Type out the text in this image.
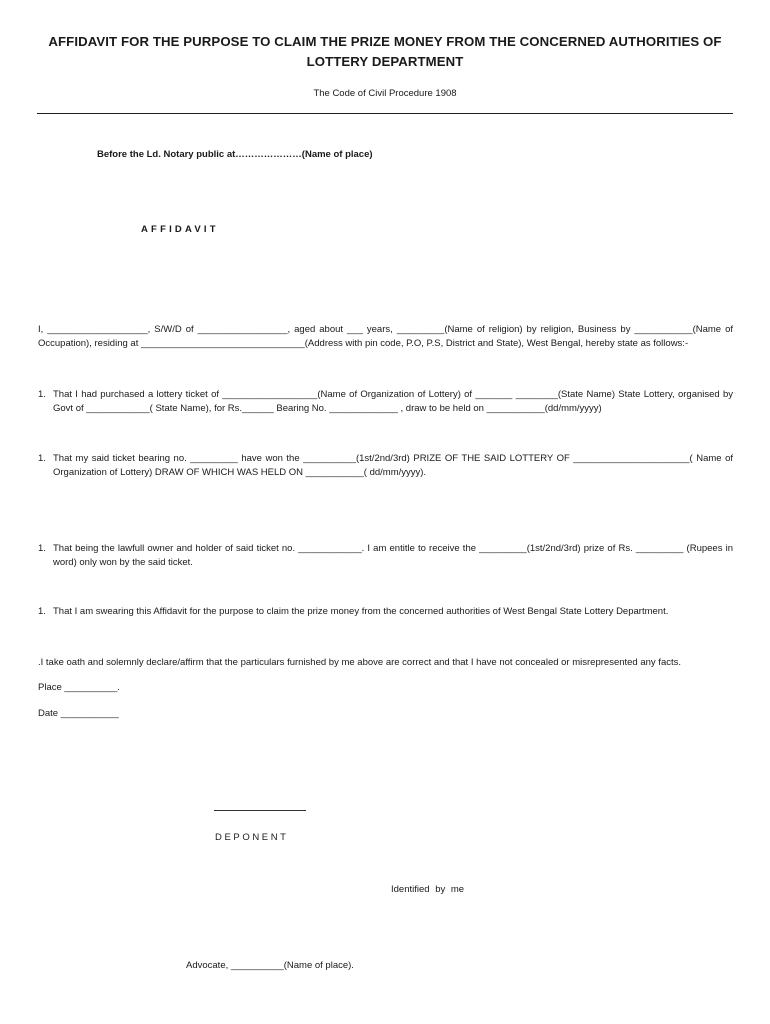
AFFIDAVIT FOR THE PURPOSE TO CLAIM THE PRIZE MONEY FROM THE CONCERNED AUTHORITIES OF
LOTTERY DEPARTMENT
The Code of Civil Procedure 1908
Before the Ld. Notary public at…………………(Name of place)
AFFIDAVIT
I, ___________________, S/W/D of _________________, aged about ___ years, _________(Name of religion) by religion, Business by ___________(Name of Occupation), residing at _______________________________(Address with pin code, P.O, P.S, District and State), West Bengal, hereby state as follows:-
1. That I had purchased a lottery ticket of __________________(Name of Organization of Lottery) of _______ ________(State Name) State Lottery, organised by Govt of ____________( State Name), for Rs.______ Bearing No. _____________ , draw to be held on ___________(dd/mm/yyyy)
1. That my said ticket bearing no. _________ have won the __________(1st/2nd/3rd) PRIZE OF THE SAID LOTTERY OF ______________________( Name of Organization of Lottery) DRAW OF WHICH WAS HELD ON ___________( dd/mm/yyyy).
1. That being the lawfull owner and holder of said ticket no. ____________. I am entitle to receive the _________(1st/2nd/3rd) prize of Rs. _________ (Rupees in word) only won by the said ticket.
1. That I am swearing this Affidavit for the purpose to claim the prize money from the concerned authorities of West Bengal State Lottery Department.
.I take oath and solemnly declare/affirm that the particulars furnished by me above are correct and that I have not concealed or misrepresented any facts.
Place __________.
Date ___________
DEPONENT
Identified by me
Advocate, __________(Name of place).
